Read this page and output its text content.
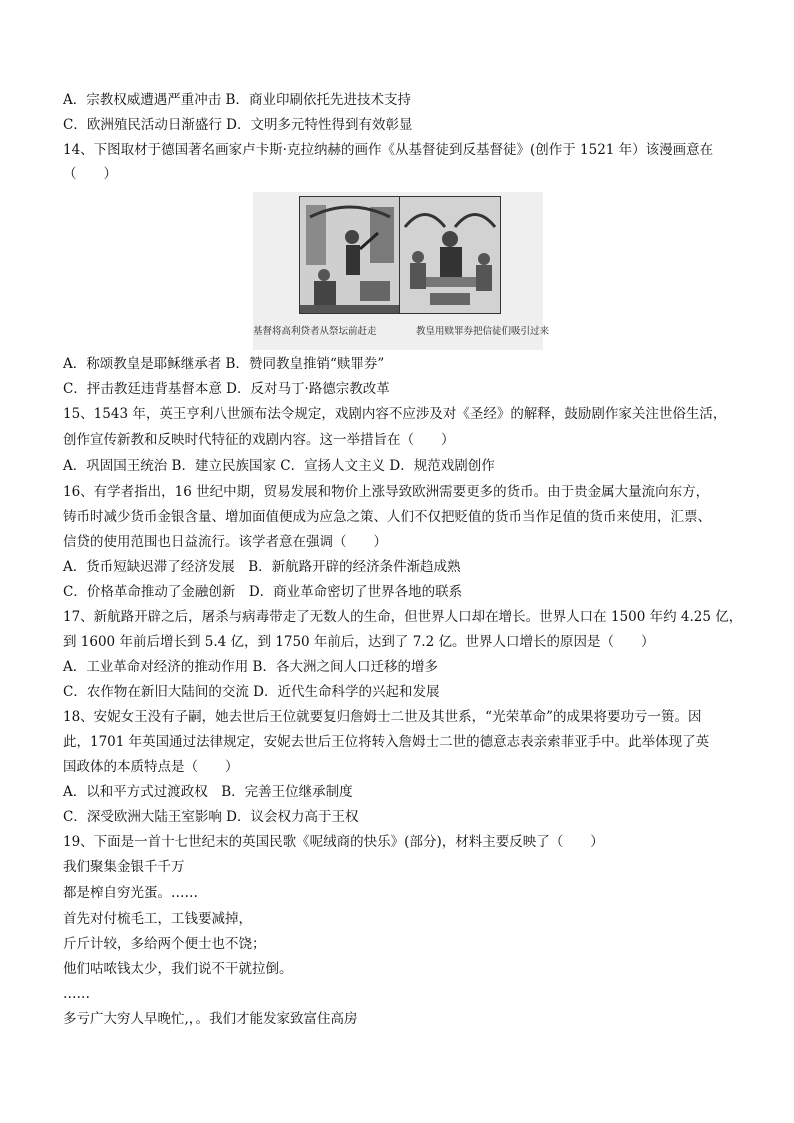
A．宗教权威遭遇严重冲击 B．商业印刷依托先进技术支持
C．欧洲殖民活动日渐盛行 D．文明多元特性得到有效彰显
14、下图取材于德国著名画家卢卡斯·克拉纳赫的画作《从基督徒到反基督徒》(创作于 1521 年）该漫画意在
（　　）
基督将高利贷者从祭坛前赶走	教皇用赎罪券把信徒们吸引过来
A．称颂教皇是耶稣继承者 B．赞同教皇推销“赎罪券”
C．抨击教廷违背基督本意 D．反对马丁·路德宗教改革
15、1543 年，英王亨利八世颁布法令规定，戏剧内容不应涉及对《圣经》的解释，鼓励剧作家关注世俗生活，
创作宣传新教和反映时代特征的戏剧内容。这一举措旨在（　　）
A．巩固国王统治 B．建立民族国家 C．宣扬人文主义 D．规范戏剧创作
16、有学者指出，16 世纪中期，贸易发展和物价上涨导致欧洲需要更多的货币。由于贵金属大量流向东方，
铸币时减少货币金银含量、增加面值便成为应急之策、人们不仅把贬值的货币当作足值的货币来使用，汇票、
信贷的使用范围也日益流行。该学者意在强调（　　）
A．货币短缺迟滞了经济发展　B．新航路开辟的经济条件渐趋成熟
C．价格革命推动了金融创新　D．商业革命密切了世界各地的联系
17、新航路开辟之后，屠杀与病毒带走了无数人的生命，但世界人口却在增长。世界人口在 1500 年约 4.25 亿，
到 1600 年前后增长到 5.4 亿，到 1750 年前后，达到了 7.2 亿。世界人口增长的原因是（　　）
A．工业革命对经济的推动作用 B．各大洲之间人口迁移的增多
C．农作物在新旧大陆间的交流 D．近代生命科学的兴起和发展
18、安妮女王没有子嗣，她去世后王位就要复归詹姆士二世及其世系，“光荣革命”的成果将要功亏一篑。因
此，1701 年英国通过法律规定，安妮去世后王位将转入詹姆士二世的德意志表亲索菲亚手中。此举体现了英
国政体的本质特点是（　　）
A．以和平方式过渡政权　B．完善王位继承制度
C．深受欧洲大陆王室影响 D．议会权力高于王权
19、下面是一首十七世纪末的英国民歌《呢绒商的快乐》(部分)，材料主要反映了（　　）
我们聚集金银千千万
都是榨自穷光蛋。……
首先对付梳毛工，工钱要减掉，
斤斤计较，多给两个便士也不饶；
他们咕哝钱太少，我们说不干就拉倒。
……
多亏广大穷人早晚忙,，。我们才能发家致富住高房
